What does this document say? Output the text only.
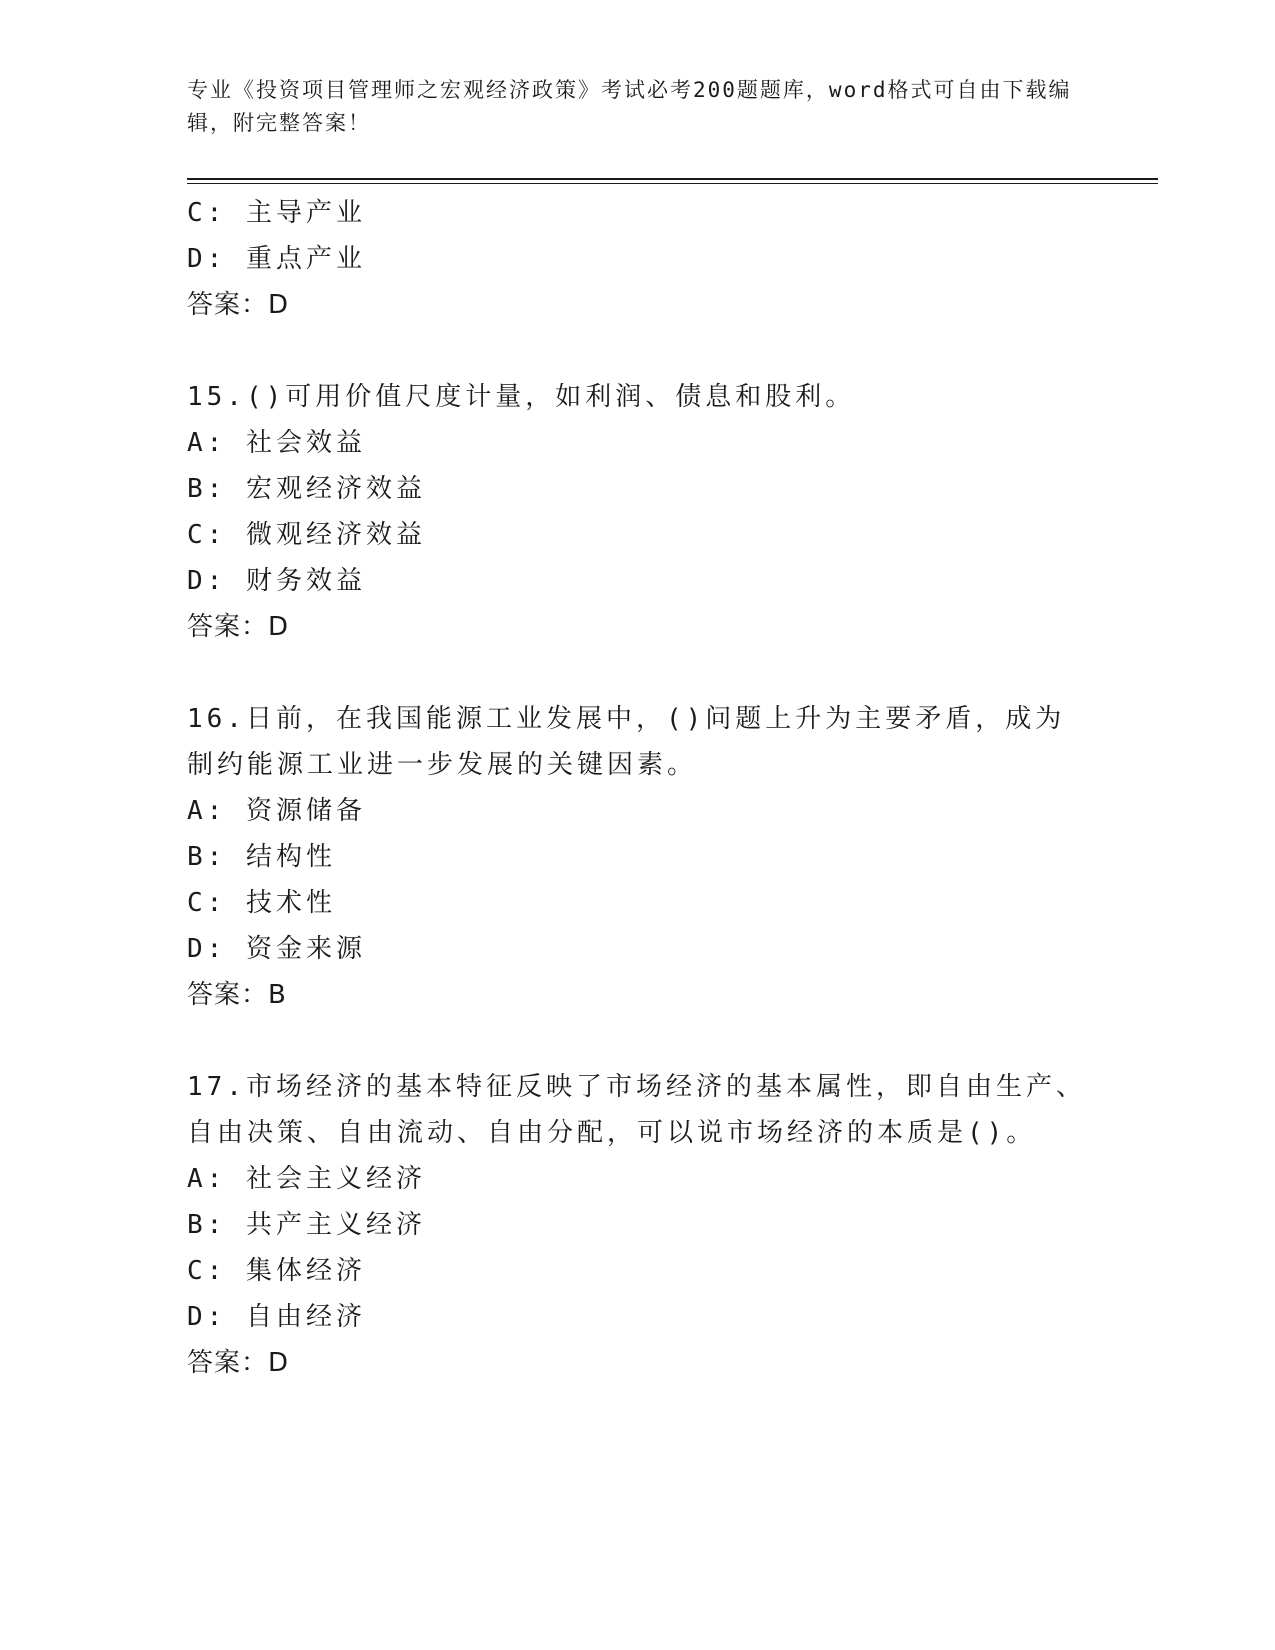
专业《投资项目管理师之宏观经济政策》考试必考200题题库，word格式可自由下载编辑，附完整答案！
C: 主导产业
D: 重点产业
答案：D
15.()可用价值尺度计量，如利润、债息和股利。
A: 社会效益
B: 宏观经济效益
C: 微观经济效益
D: 财务效益
答案：D
16.日前，在我国能源工业发展中，()问题上升为主要矛盾，成为制约能源工业进一步发展的关键因素。
A: 资源储备
B: 结构性
C: 技术性
D: 资金来源
答案：B
17.市场经济的基本特征反映了市场经济的基本属性，即自由生产、自由决策、自由流动、自由分配，可以说市场经济的本质是()。
A: 社会主义经济
B: 共产主义经济
C: 集体经济
D: 自由经济
答案：D
